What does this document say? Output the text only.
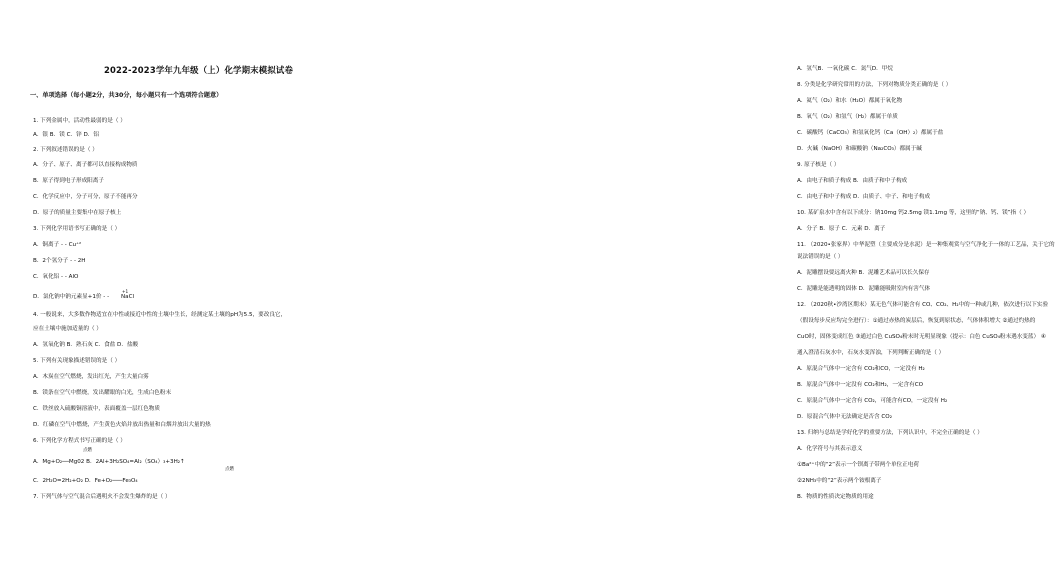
2022-2023学年九年级（上）化学期末模拟试卷
一、单项选择（每小题2分，共30分，每小题只有一个选项符合题意）
1. 下列金属中，活动性最弱的是（ ）
A．银 B．镁 C．锌 D．铝
2. 下列叙述错误的是（ ）
A．分子、原子、离子都可以直接构成物质
B．原子得到电子形成阳离子
C．化学反应中，分子可分，原子不能再分
D．原子的质量主要集中在原子核上
3. 下列化学用语书写正确的是（ ）
A．铜离子 - - Cu⁺²
B．2个氢分子 - - 2H
C．氧化铝 - - AlO
D．氯化钠中钠元素显+1价 - -
4. 一般说来，大多数作物适宜在中性或接近中性的土壤中生长，经测定某土壤的pH为5.5，要改良它，
应在土壤中施加适量的（ ）
A．氢氧化钠 B．熟石灰 C．食盐 D．盐酸
5. 下列有关现象描述错误的是（ ）
A．木炭在空气燃烧，发出红光，产生大量白雾
B．镁条在空气中燃烧，发出耀眼的白光，生成白色粉末
C．铁丝放入硫酸铜溶液中，表面覆盖一层红色物质
D．红磷在空气中燃烧，产生黄色火焰并放出热量和白烟并放出大量的热
6. 下列化学方程式书写正确的是（ ）
A．Mg+O₂──Mg02 B．2Al+3H₂SO₄=Al₂（SO₄）₃+3H₂↑
C．2H₂O=2H₂+O₂ D．Fe+O₂───Fe₃O₄
7. 下列气体与空气混合后遇明火不会发生爆炸的是（ ）
A．氢气B．一氧化碳 C．氮气D．甲烷
8. 分类是化学研究常用的方法，下列对物质分类正确的是（ ）
A．氦气（O₂）和水（H₂O）都属于氧化物
B．氧气（O₂）和氢气（H₂）都属于单质
C．碳酸钙（CaCO₃）和氢氧化钙（Ca（OH）₂）都属于盐
D．火碱（NaOH）和碳酸钠（Na₂CO₃）都属于碱
9. 原子核是（ ）
A．由电子和质子构成 B．由质子和中子构成
C．由电子和中子构成 D．由质子、中子、和电子构成
10. 某矿泉水中含有以下成分：钠10mg 钙2.5mg 镁1.1mg 等，这里的“钠、钙、镁”指（ ）
A．分子 B．原子 C．元素 D．离子
11. （2020•张家界）中华泥塑（主要成分是水泥）是一种集观赏与空气净化于一体的工艺品，关于它的
说法错误的是（ ）
A．泥雕摆设要远离火种 B．泥雕艺术品可以长久保存
C．泥雕是能透明的固体 D．泥雕能吸附室内有害气体
12. （2020秋•沙湾区期末）某无色气体可能含有 CO、CO₂、H₂中的一种或几种，依次进行以下实验
（假设每步反应均完全进行）：①通过赤热的炭层后，恢复到原状态，气体体积增大 ②通过灼热的
CuO时，固体变成红色 ③通过白色 CuSO₄粉末时无明显现象（提示：白色 CuSO₄粉末遇水变蓝） ④
通入澄清石灰水中，石灰水变浑浊，下列判断正确的是（ ）
A．原混合气体中一定含有 CO₂和CO，一定没有 H₂
B．原混合气体中一定没有 CO₂和H₂，一定含有CO
C．原混合气体中一定含有 CO₂，可能含有CO，一定没有 H₂
D．原混合气体中无法确定是否含 CO₂
13. 归纳与总结是学好化学的重要方法，下列认识中，不完全正确的是（ ）
A．化学符号与其表示意义
①Ba²⁺中的“2”表示一个钡离子带两个单位正电荷
②2NH₃中的“2”表示两个铵根离子
B．物质的性质决定物质的用途
点燃
点燃
+1
NaCl
